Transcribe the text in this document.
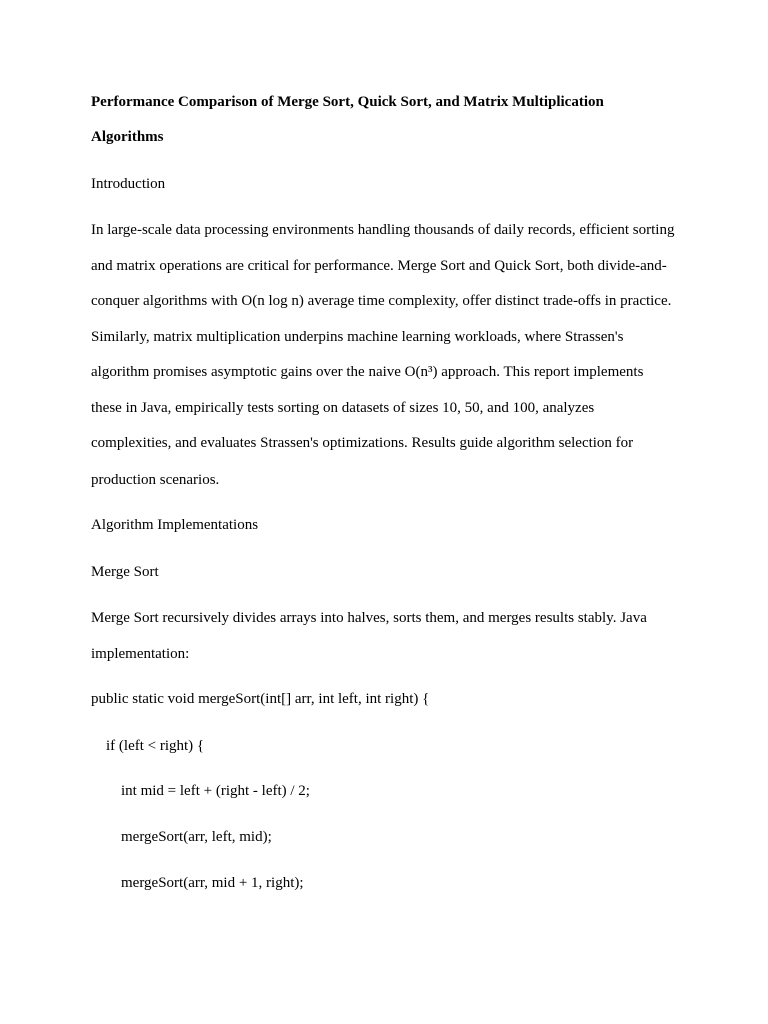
Performance Comparison of Merge Sort, Quick Sort, and Matrix Multiplication

Algorithms

Introduction

In large-scale data processing environments handling thousands of daily records, efficient sorting

and matrix operations are critical for performance. Merge Sort and Quick Sort, both divide-and-

conquer algorithms with O(n log n) average time complexity, offer distinct trade-offs in practice.

Similarly, matrix multiplication underpins machine learning workloads, where Strassen's

algorithm promises asymptotic gains over the naive O(n³) approach. This report implements

these in Java, empirically tests sorting on datasets of sizes 10, 50, and 100, analyzes

complexities, and evaluates Strassen's optimizations. Results guide algorithm selection for

production scenarios.

Algorithm Implementations

Merge Sort

Merge Sort recursively divides arrays into halves, sorts them, and merges results stably. Java

implementation:

public static void mergeSort(int[] arr, int left, int right) {

if (left < right) {

int mid = left + (right - left) / 2;

mergeSort(arr, left, mid);

mergeSort(arr, mid + 1, right);
